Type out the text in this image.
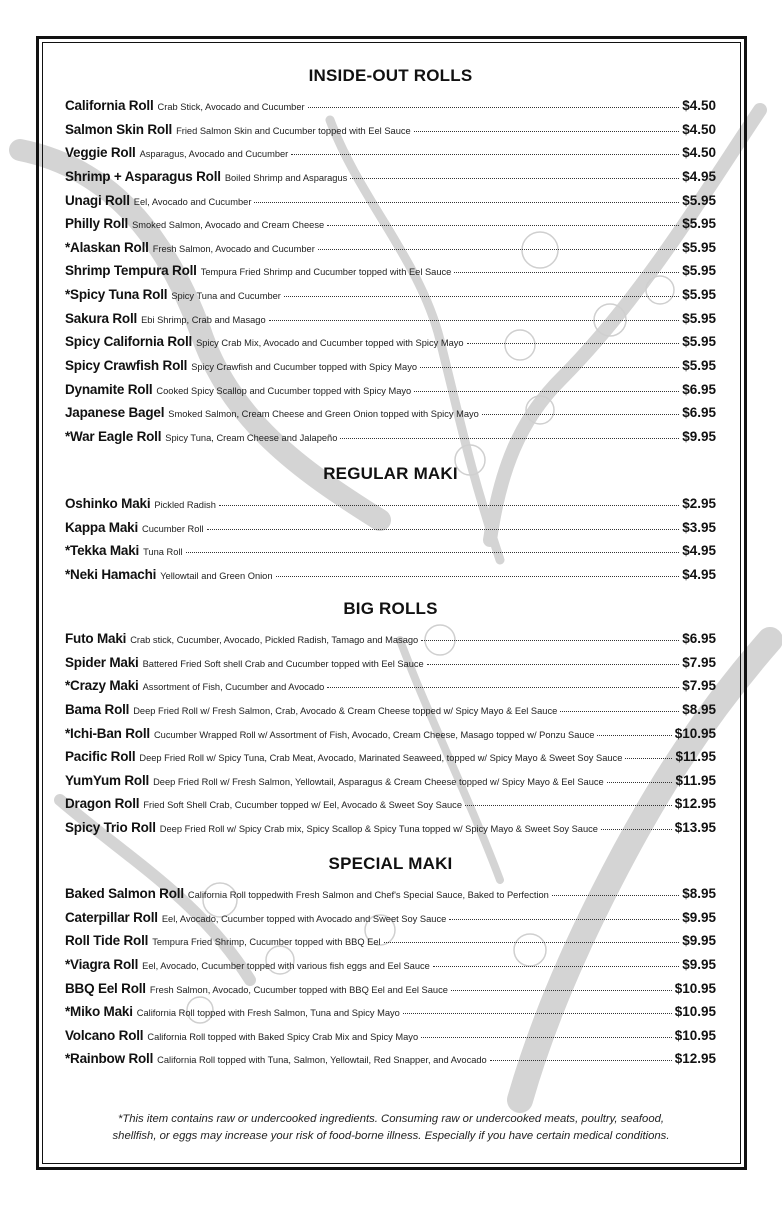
INSIDE-OUT ROLLS
California Roll Crab Stick, Avocado and Cucumber	$4.50
Salmon Skin Roll Fried Salmon Skin and Cucumber topped with Eel Sauce	$4.50
Veggie Roll Asparagus, Avocado and Cucumber	$4.50
Shrimp + Asparagus Roll Boiled Shrimp and Asparagus	$4.95
Unagi Roll Eel, Avocado and Cucumber	$5.95
Philly Roll Smoked Salmon, Avocado and Cream Cheese	$5.95
*Alaskan Roll Fresh Salmon, Avocado and Cucumber	$5.95
Shrimp Tempura Roll Tempura Fried Shrimp and Cucumber topped with Eel Sauce	$5.95
*Spicy Tuna Roll Spicy Tuna and Cucumber	$5.95
Sakura Roll Ebi Shrimp, Crab and Masago	$5.95
Spicy California Roll Spicy Crab Mix, Avocado and Cucumber topped with Spicy Mayo	$5.95
Spicy Crawfish Roll Spicy Crawfish and Cucumber topped with Spicy Mayo	$5.95
Dynamite Roll Cooked Spicy Scallop and Cucumber topped with Spicy Mayo	$6.95
Japanese Bagel Smoked Salmon, Cream Cheese and Green Onion topped with Spicy Mayo	$6.95
*War Eagle Roll Spicy Tuna, Cream Cheese and Jalapeño	$9.95
REGULAR MAKI
Oshinko Maki Pickled Radish	$2.95
Kappa Maki Cucumber Roll	$3.95
*Tekka Maki Tuna Roll	$4.95
*Neki Hamachi Yellowtail and Green Onion	$4.95
BIG ROLLS
Futo Maki Crab stick, Cucumber, Avocado, Pickled Radish, Tamago and Masago	$6.95
Spider Maki Battered Fried Soft shell Crab and Cucumber topped with Eel Sauce	$7.95
*Crazy Maki Assortment of Fish, Cucumber and Avocado	$7.95
Bama Roll Deep Fried Roll w/ Fresh Salmon, Crab, Avocado & Cream Cheese topped w/ Spicy Mayo & Eel Sauce	$8.95
*Ichi-Ban Roll Cucumber Wrapped Roll w/ Assortment of Fish, Avocado, Cream Cheese, Masago topped w/ Ponzu Sauce	$10.95
Pacific Roll Deep Fried Roll w/ Spicy Tuna, Crab Meat, Avocado, Marinated Seaweed, topped w/ Spicy Mayo & Sweet Soy Sauce	$11.95
YumYum Roll Deep Fried Roll w/ Fresh Salmon, Yellowtail, Asparagus & Cream Cheese topped w/ Spicy Mayo & Eel Sauce	$11.95
Dragon Roll Fried Soft Shell Crab, Cucumber topped w/ Eel, Avocado & Sweet Soy Sauce	$12.95
Spicy Trio Roll Deep Fried Roll w/ Spicy Crab mix, Spicy Scallop & Spicy Tuna topped w/ Spicy Mayo & Sweet Soy Sauce	$13.95
SPECIAL MAKI
Baked Salmon Roll California Roll toppedwith Fresh Salmon and Chef's Special Sauce, Baked to Perfection	$8.95
Caterpillar Roll Eel, Avocado, Cucumber topped with Avocado and Sweet Soy Sauce	$9.95
Roll Tide Roll Tempura Fried Shrimp, Cucumber topped with BBQ Eel	$9.95
*Viagra Roll Eel, Avocado, Cucumber topped with various fish eggs and Eel Sauce	$9.95
BBQ Eel Roll Fresh Salmon, Avocado, Cucumber topped with BBQ Eel and Eel Sauce	$10.95
*Miko Maki California Roll topped with Fresh Salmon, Tuna and Spicy Mayo	$10.95
Volcano Roll California Roll topped with Baked Spicy Crab Mix and Spicy Mayo	$10.95
*Rainbow Roll California Roll topped with Tuna, Salmon, Yellowtail, Red Snapper, and Avocado	$12.95
*This item contains raw or undercooked ingredients. Consuming raw or undercooked meats, poultry, seafood,
shellfish, or eggs may increase your risk of food-borne illness. Especially if you have certain medical conditions.
